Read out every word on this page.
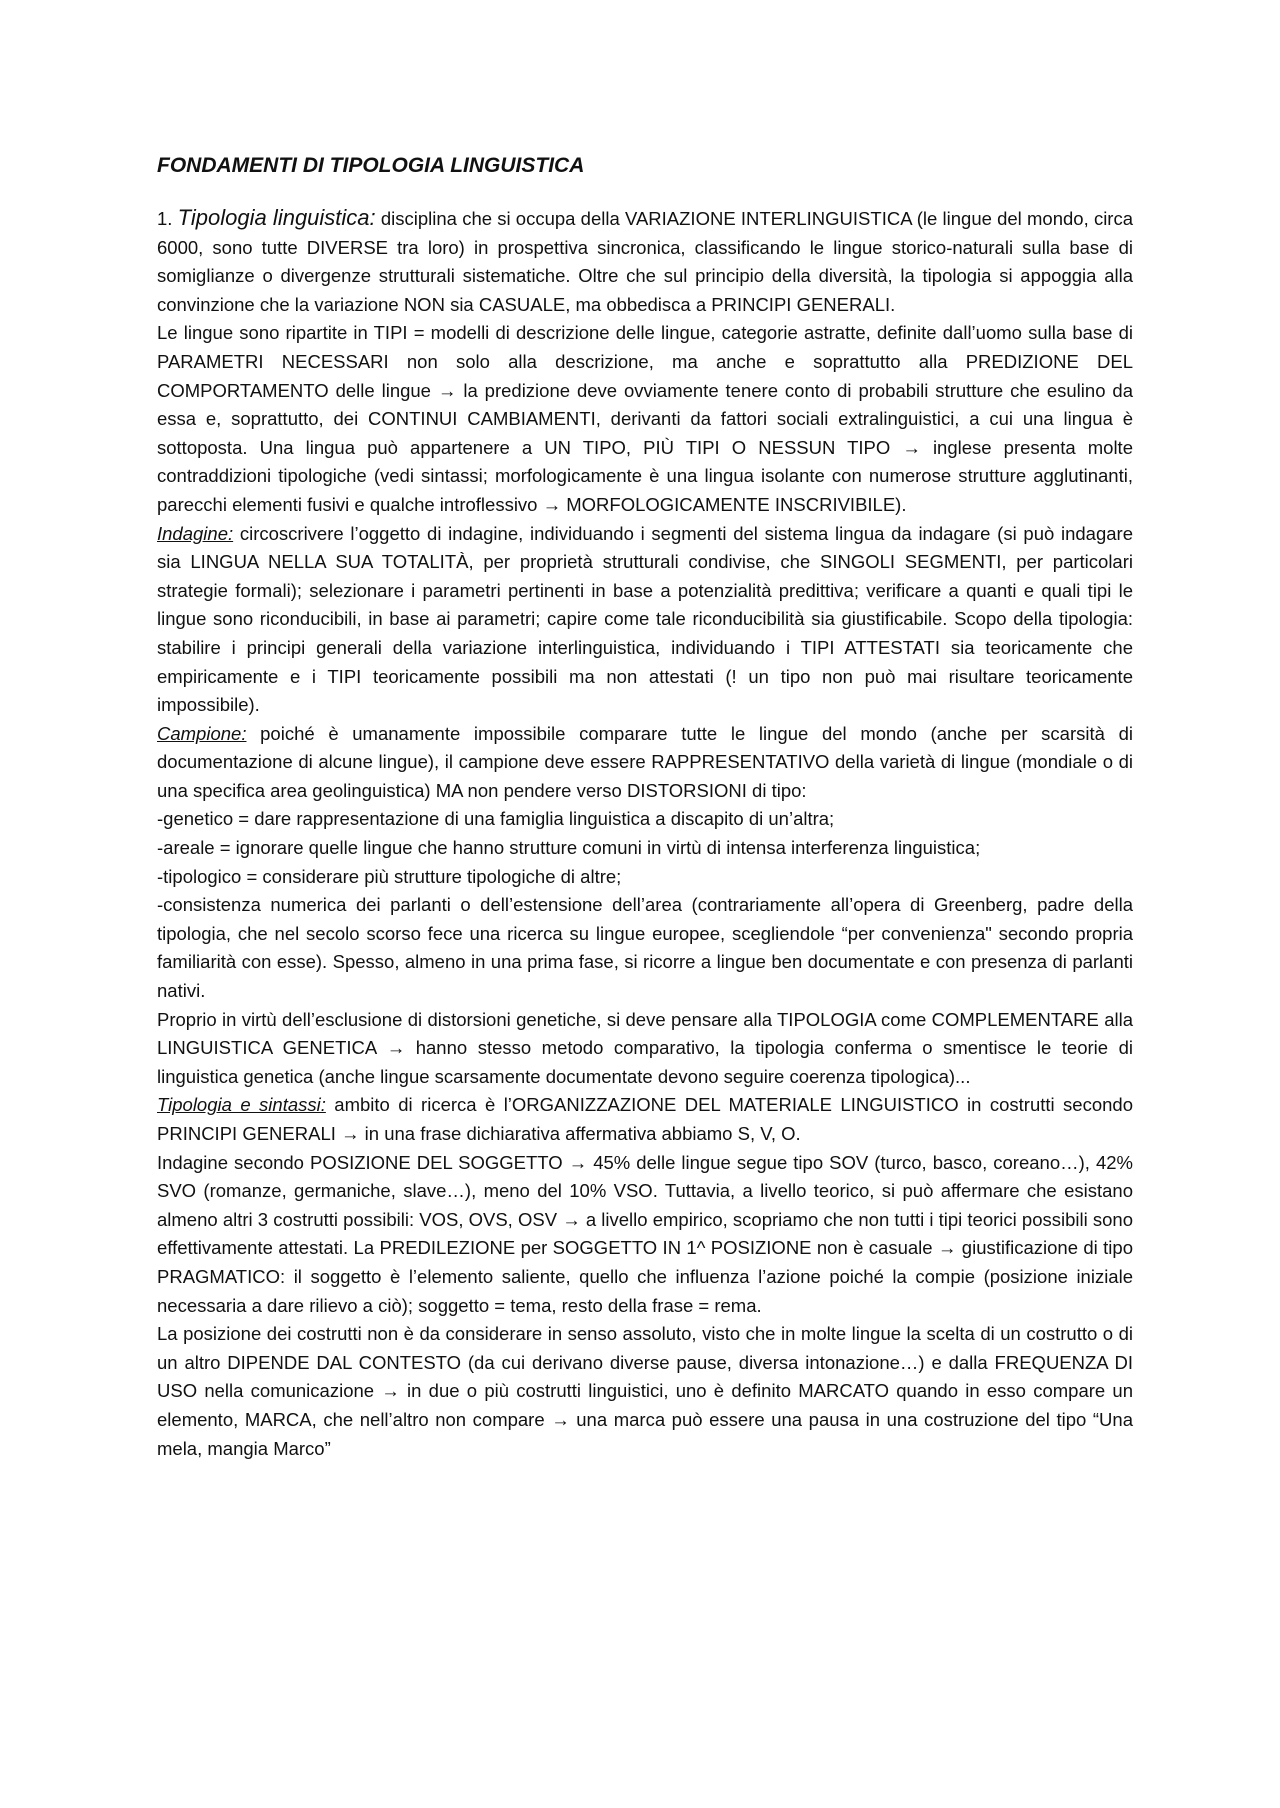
FONDAMENTI DI TIPOLOGIA LINGUISTICA

1. Tipologia linguistica: disciplina che si occupa della VARIAZIONE INTERLINGUISTICA (le lingue del mondo, circa 6000, sono tutte DIVERSE tra loro) in prospettiva sincronica, classificando le lingue storico-naturali sulla base di somiglianze o divergenze strutturali sistematiche. Oltre che sul principio della diversità, la tipologia si appoggia alla convinzione che la variazione NON sia CASUALE, ma obbedisca a PRINCIPI GENERALI.

Le lingue sono ripartite in TIPI = modelli di descrizione delle lingue, categorie astratte, definite dall’uomo sulla base di PARAMETRI NECESSARI non solo alla descrizione, ma anche e soprattutto alla PREDIZIONE DEL COMPORTAMENTO delle lingue → la predizione deve ovviamente tenere conto di probabili strutture che esulino da essa e, soprattutto, dei CONTINUI CAMBIAMENTI, derivanti da fattori sociali extralinguistici, a cui una lingua è sottoposta. Una lingua può appartenere a UN TIPO, PIÙ TIPI O NESSUN TIPO → inglese presenta molte contraddizioni tipologiche (vedi sintassi; morfologicamente è una lingua isolante con numerose strutture agglutinanti, parecchi elementi fusivi e qualche introflessivo → MORFOLOGICAMENTE INSCRIVIBILE).

Indagine: circoscrivere l’oggetto di indagine, individuando i segmenti del sistema lingua da indagare (si può indagare sia LINGUA NELLA SUA TOTALITÀ, per proprietà strutturali condivise, che SINGOLI SEGMENTI, per particolari strategie formali); selezionare i parametri pertinenti in base a potenzialità predittiva; verificare a quanti e quali tipi le lingue sono riconducibili, in base ai parametri; capire come tale riconducibilità sia giustificabile. Scopo della tipologia: stabilire i principi generali della variazione interlinguistica, individuando i TIPI ATTESTATI sia teoricamente che empiricamente e i TIPI teoricamente possibili ma non attestati (! un tipo non può mai risultare teoricamente impossibile).

Campione: poiché è umanamente impossibile comparare tutte le lingue del mondo (anche per scarsità di documentazione di alcune lingue), il campione deve essere RAPPRESENTATIVO della varietà di lingue (mondiale o di una specifica area geolinguistica) MA non pendere verso DISTORSIONI di tipo:

-genetico = dare rappresentazione di una famiglia linguistica a discapito di un’altra;

-areale = ignorare quelle lingue che hanno strutture comuni in virtù di intensa interferenza linguistica;

-tipologico = considerare più strutture tipologiche di altre;

-consistenza numerica dei parlanti o dell’estensione dell’area (contrariamente all’opera di Greenberg, padre della tipologia, che nel secolo scorso fece una ricerca su lingue europee, scegliendole “per convenienza" secondo propria familiarità con esse). Spesso, almeno in una prima fase, si ricorre a lingue ben documentate e con presenza di parlanti nativi.

Proprio in virtù dell’esclusione di distorsioni genetiche, si deve pensare alla TIPOLOGIA come COMPLEMENTARE alla LINGUISTICA GENETICA → hanno stesso metodo comparativo, la tipologia conferma o smentisce le teorie di linguistica genetica (anche lingue scarsamente documentate devono seguire coerenza tipologica)...

Tipologia e sintassi: ambito di ricerca è l’ORGANIZZAZIONE DEL MATERIALE LINGUISTICO in costrutti secondo PRINCIPI GENERALI → in una frase dichiarativa affermativa abbiamo S, V, O.

Indagine secondo POSIZIONE DEL SOGGETTO → 45% delle lingue segue tipo SOV (turco, basco, coreano…), 42% SVO (romanze, germaniche, slave…), meno del 10% VSO. Tuttavia, a livello teorico, si può affermare che esistano almeno altri 3 costrutti possibili: VOS, OVS, OSV → a livello empirico, scopriamo che non tutti i tipi teorici possibili sono effettivamente attestati. La PREDILEZIONE per SOGGETTO IN 1^ POSIZIONE non è casuale → giustificazione di tipo PRAGMATICO: il soggetto è l’elemento saliente, quello che influenza l’azione poiché la compie (posizione iniziale necessaria a dare rilievo a ciò); soggetto = tema, resto della frase = rema.

La posizione dei costrutti non è da considerare in senso assoluto, visto che in molte lingue la scelta di un costrutto o di un altro DIPENDE DAL CONTESTO (da cui derivano diverse pause, diversa intonazione…) e dalla FREQUENZA DI USO nella comunicazione → in due o più costrutti linguistici, uno è definito MARCATO quando in esso compare un elemento, MARCA, che nell’altro non compare → una marca può essere una pausa in una costruzione del tipo “Una mela, mangia Marco”
